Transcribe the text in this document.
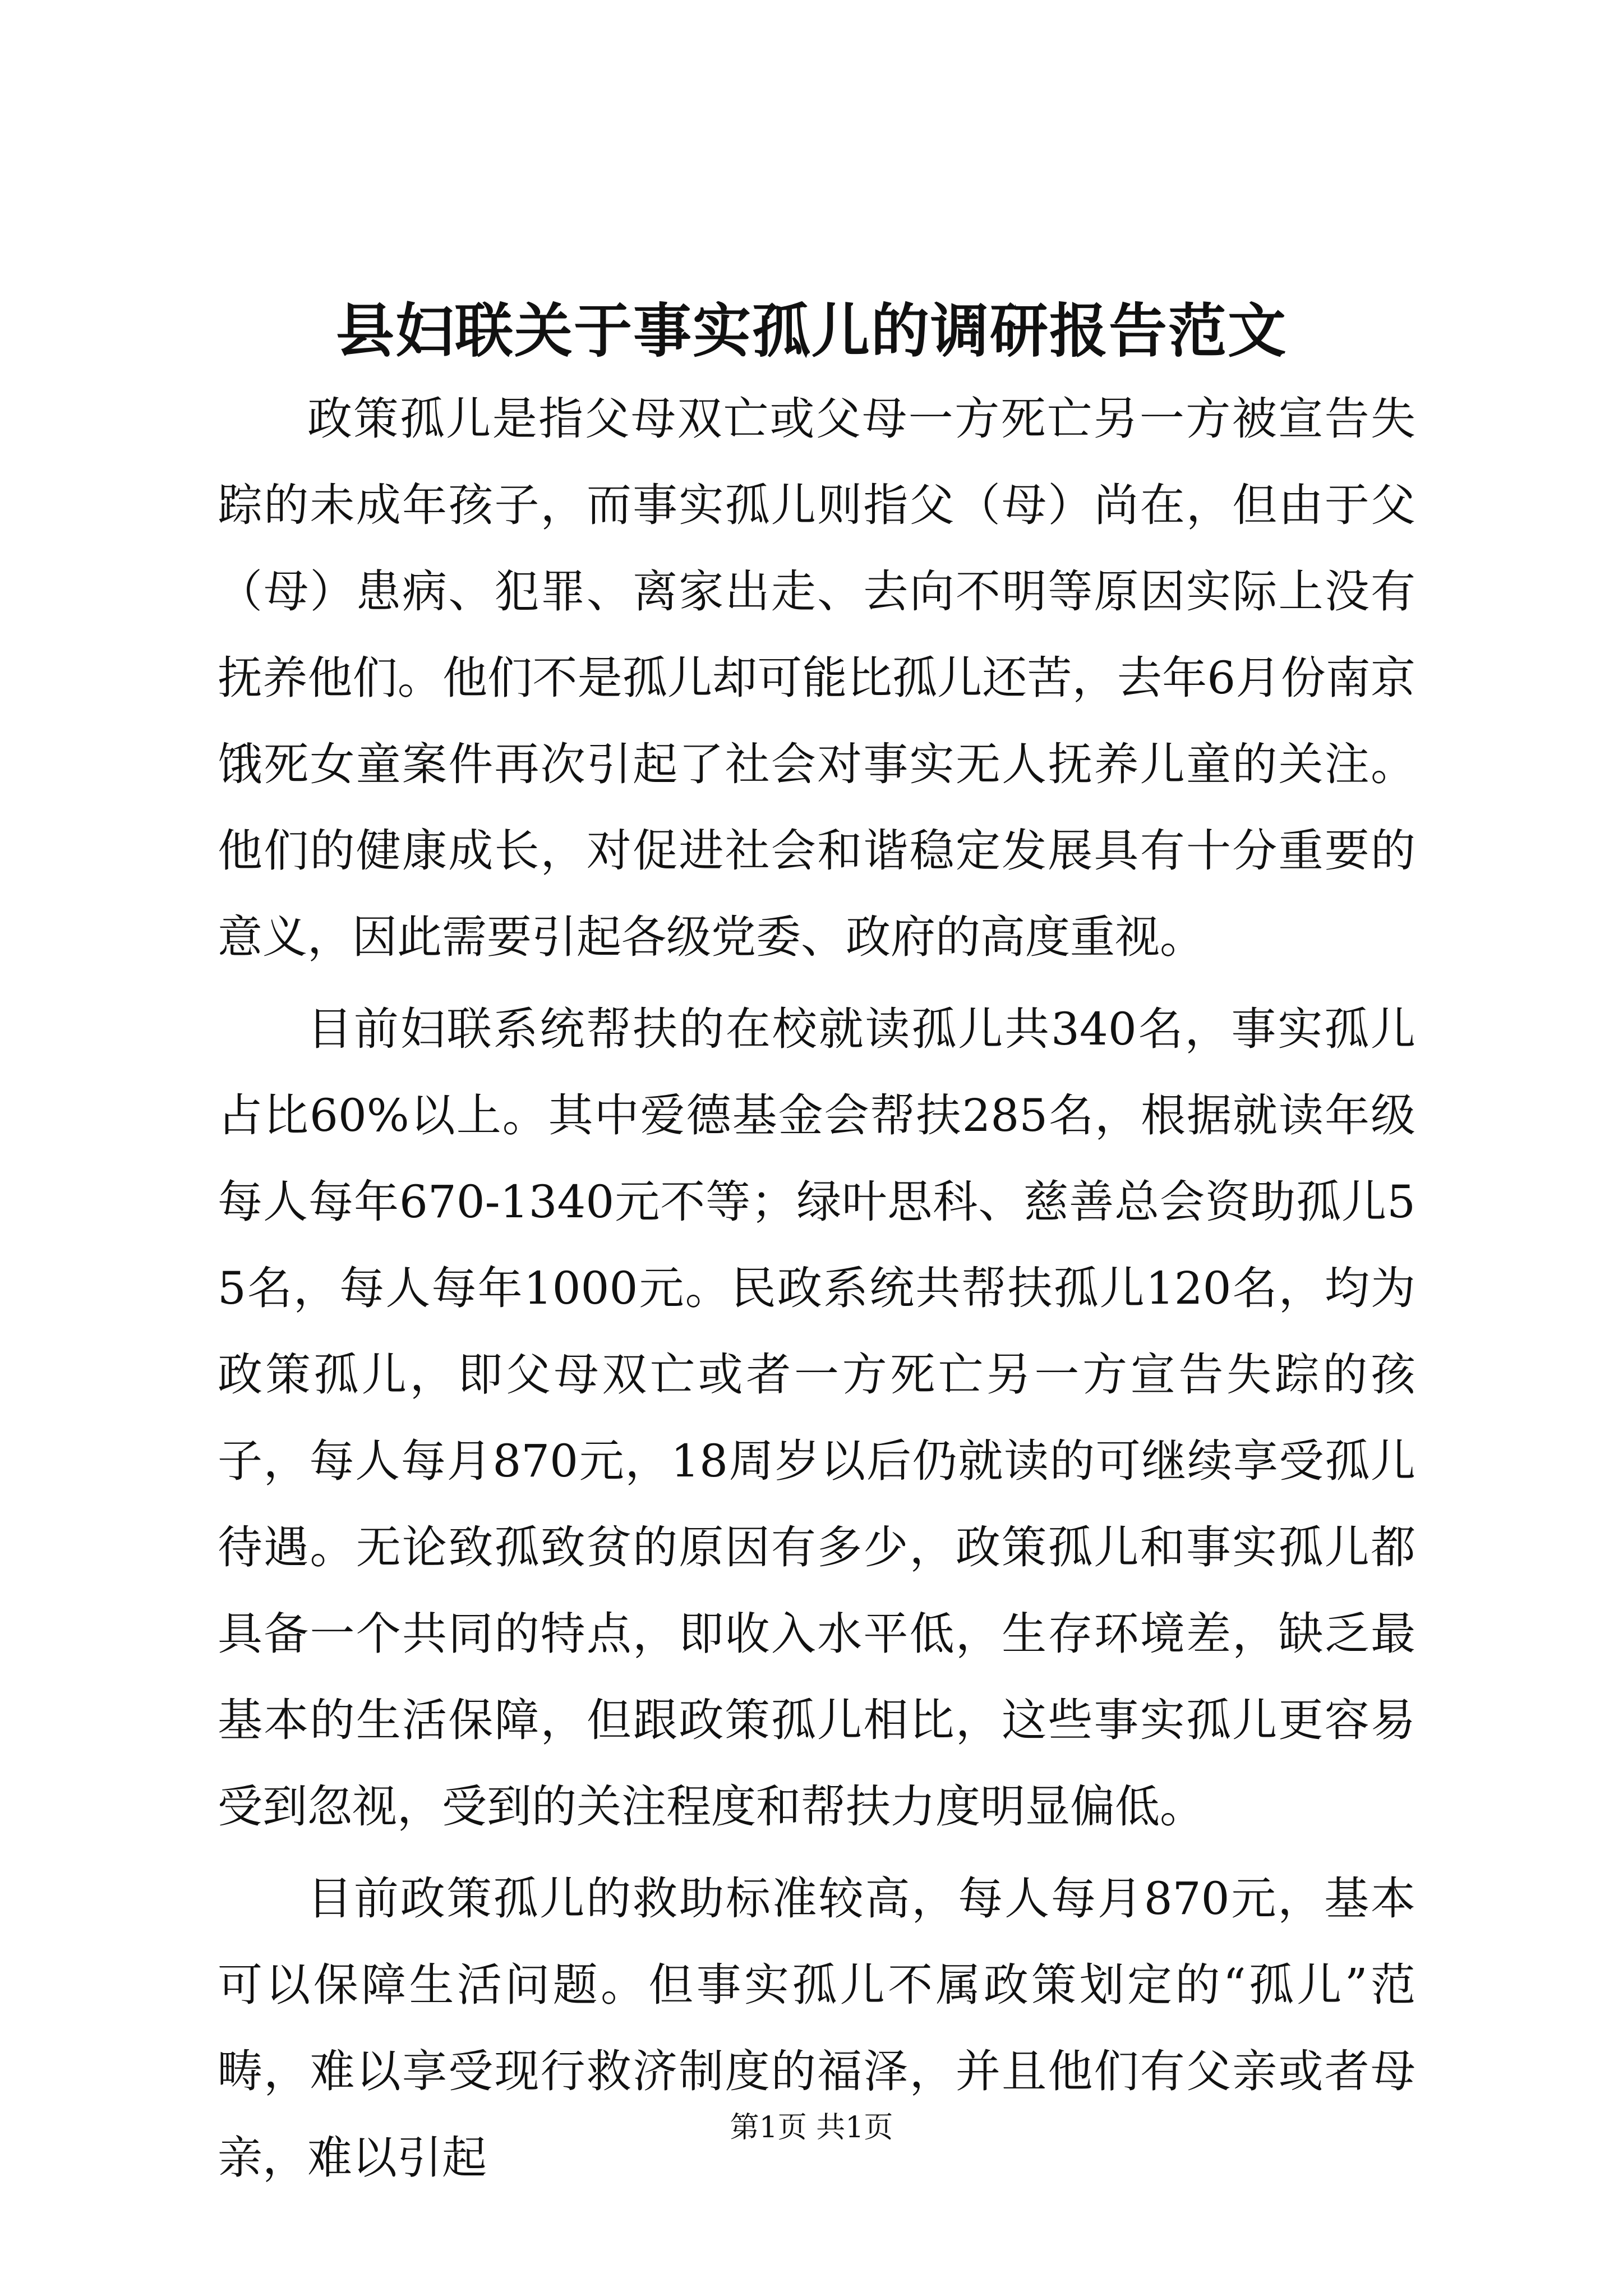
县妇联关于事实孤儿的调研报告范文

政策孤儿是指父母双亡或父母一方死亡另一方被宣告失踪的未成年孩子，而事实孤儿则指父（母）尚在，但由于父（母）患病、犯罪、离家出走、去向不明等原因实际上没有抚养他们。他们不是孤儿却可能比孤儿还苦，去年6月份南京饿死女童案件再次引起了社会对事实无人抚养儿童的关注。他们的健康成长，对促进社会和谐稳定发展具有十分重要的意义，因此需要引起各级党委、政府的高度重视。

目前妇联系统帮扶的在校就读孤儿共340名，事实孤儿占比60%以上。其中爱德基金会帮扶285名，根据就读年级每人每年670-1340元不等；绿叶思科、慈善总会资助孤儿55名，每人每年1000元。民政系统共帮扶孤儿120名，均为政策孤儿，即父母双亡或者一方死亡另一方宣告失踪的孩子，每人每月870元，18周岁以后仍就读的可继续享受孤儿待遇。无论致孤致贫的原因有多少，政策孤儿和事实孤儿都具备一个共同的特点，即收入水平低，生存环境差，缺乏最基本的生活保障，但跟政策孤儿相比，这些事实孤儿更容易受到忽视，受到的关注程度和帮扶力度明显偏低。

目前政策孤儿的救助标准较高，每人每月870元，基本可以保障生活问题。但事实孤儿不属政策划定的“孤儿”范畴，难以享受现行救济制度的福泽，并且他们有父亲或者母亲，难以引起

第1页 共1页
